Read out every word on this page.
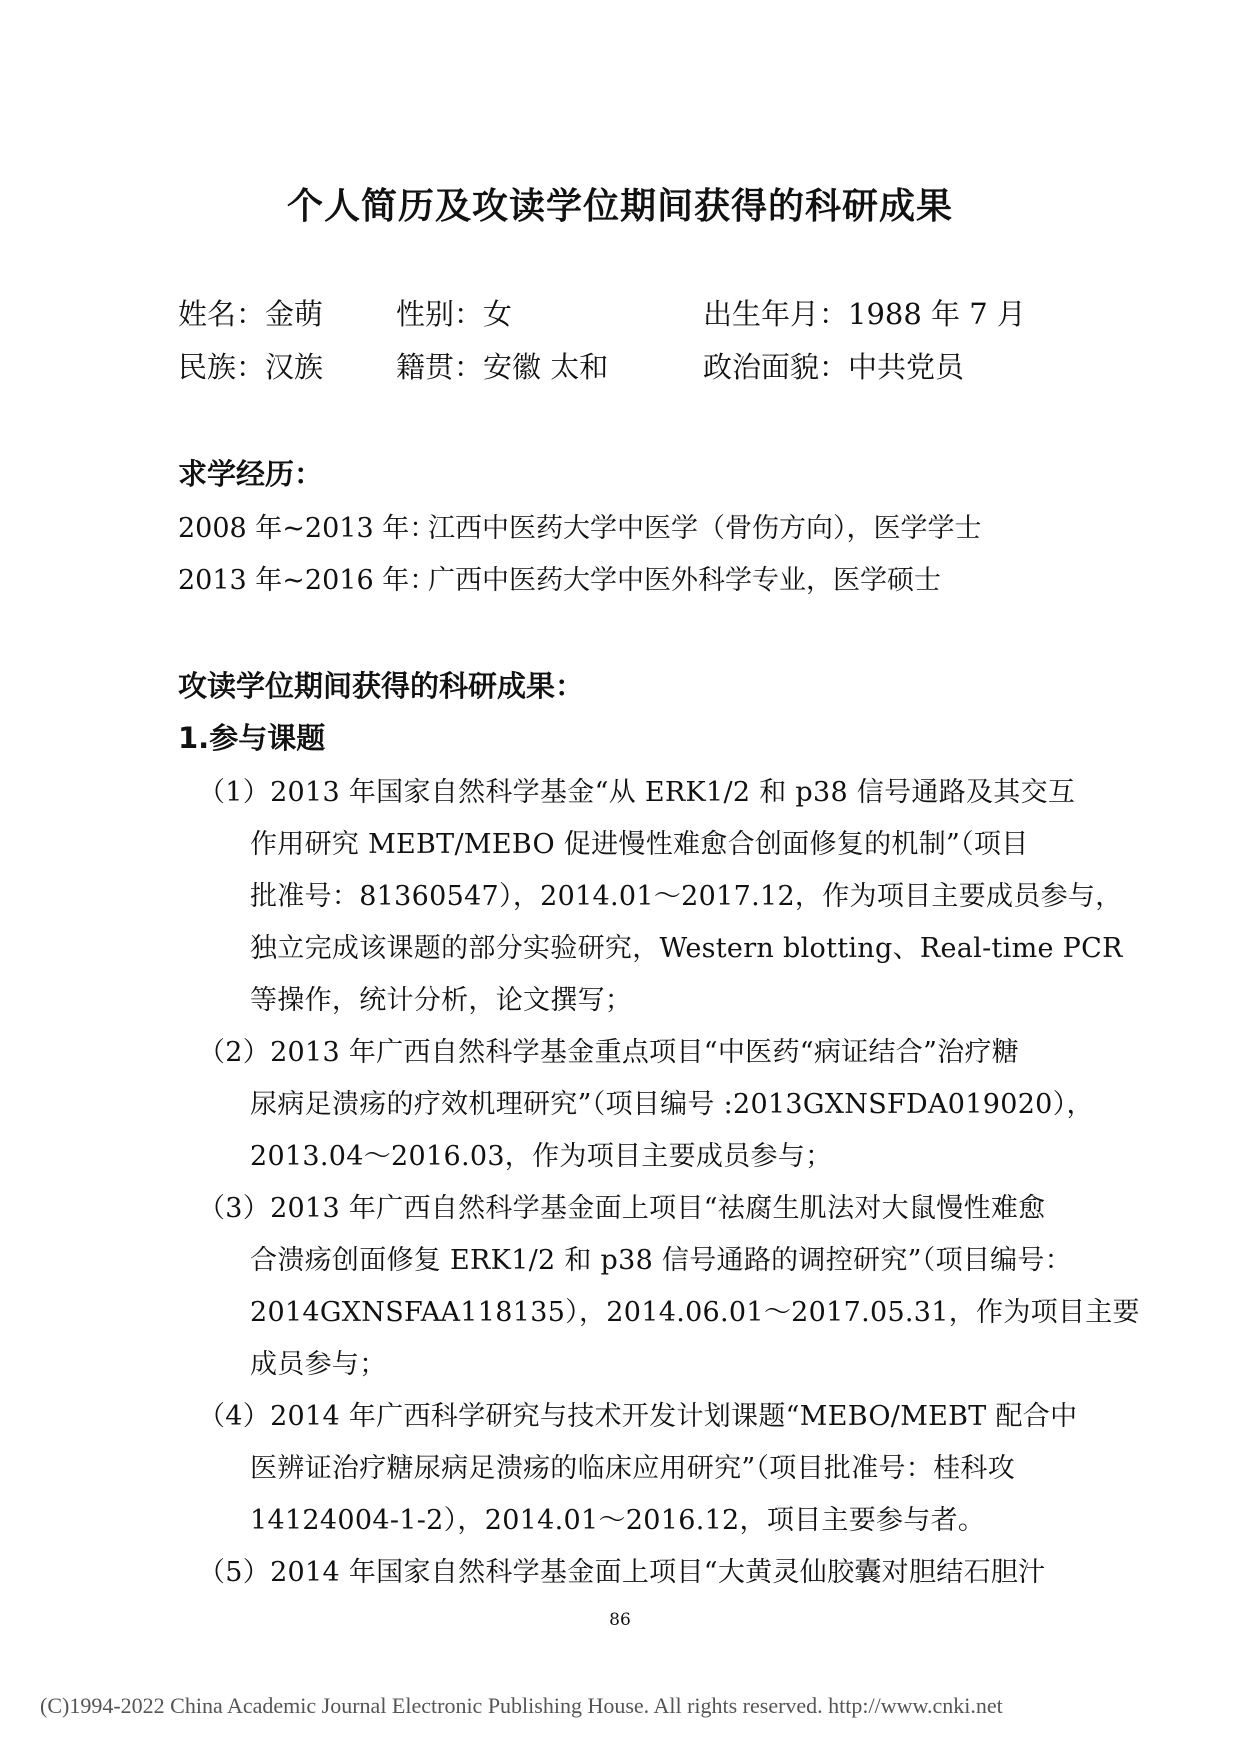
个人简历及攻读学位期间获得的科研成果
姓名：金萌	性别：女	出生年月：1988 年 7 月
民族：汉族	籍贯：安徽 太和	政治面貌：中共党员
求学经历：
2008 年~2013 年：
江西中医药大学中医学（骨伤方向），医学学士
2013 年~2016 年：
广西中医药大学中医外科学专业，医学硕士
攻读学位期间获得的科研成果：
1.参与课题
（1）2013 年国家自然科学基金“从 ERK1/2 和 p38 信号通路及其交互
作用研究 MEBT/MEBO 促进慢性难愈合创面修复的机制”（项目
批准号：81360547），2014.01～2017.12，作为项目主要成员参与，
独立完成该课题的部分实验研究，Western blotting、Real-time PCR
等操作，统计分析，论文撰写；
（2）2013 年广西自然科学基金重点项目“中医药“病证结合”治疗糖
尿病足溃疡的疗效机理研究”（项目编号 :2013GXNSFDA019020），
2013.04～2016.03，作为项目主要成员参与；
（3）2013 年广西自然科学基金面上项目“祛腐生肌法对大鼠慢性难愈
合溃疡创面修复 ERK1/2 和 p38 信号通路的调控研究”（项目编号：
2014GXNSFAA118135），2014.06.01～2017.05.31，作为项目主要
成员参与；
（4）2014 年广西科学研究与技术开发计划课题“MEBO/MEBT 配合中
医辨证治疗糖尿病足溃疡的临床应用研究”（项目批准号：桂科攻
14124004-1-2），2014.01～2016.12，项目主要参与者。
（5）2014 年国家自然科学基金面上项目“大黄灵仙胶囊对胆结石胆汁
86
(C)1994-2022 China Academic Journal Electronic Publishing House. All rights reserved. http://www.cnki.net
